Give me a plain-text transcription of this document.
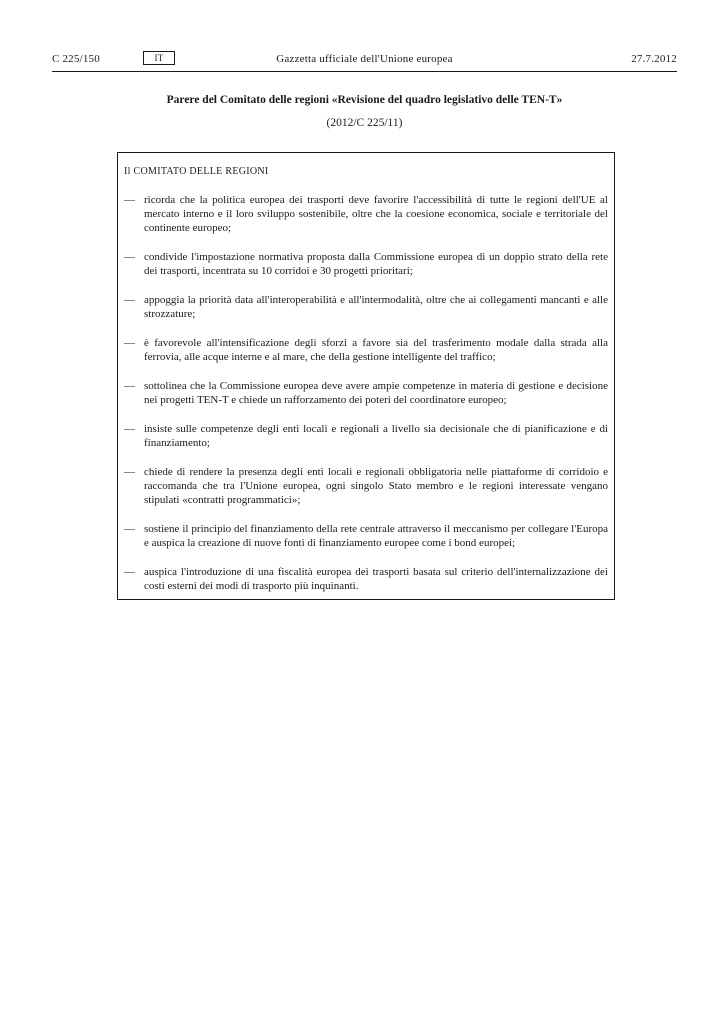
C 225/150	IT	Gazzetta ufficiale dell'Unione europea	27.7.2012
Parere del Comitato delle regioni «Revisione del quadro legislativo delle TEN-T»
(2012/C 225/11)
Il COMITATO DELLE REGIONI
— ricorda che la politica europea dei trasporti deve favorire l'accessibilità di tutte le regioni dell'UE al mercato interno e il loro sviluppo sostenibile, oltre che la coesione economica, sociale e territoriale del continente europeo;
— condivide l'impostazione normativa proposta dalla Commissione europea di un doppio strato della rete dei trasporti, incentrata su 10 corridoi e 30 progetti prioritari;
— appoggia la priorità data all'interoperabilità e all'intermodalità, oltre che ai collegamenti mancanti e alle strozzature;
— è favorevole all'intensificazione degli sforzi a favore sia del trasferimento modale dalla strada alla ferrovia, alle acque interne e al mare, che della gestione intelligente del traffico;
— sottolinea che la Commissione europea deve avere ampie competenze in materia di gestione e decisione nei progetti TEN-T e chiede un rafforzamento dei poteri del coordinatore europeo;
— insiste sulle competenze degli enti locali e regionali a livello sia decisionale che di pianificazione e di finanziamento;
— chiede di rendere la presenza degli enti locali e regionali obbligatoria nelle piattaforme di corridoio e raccomanda che tra l'Unione europea, ogni singolo Stato membro e le regioni interessate vengano stipulati «contratti programmatici»;
— sostiene il principio del finanziamento della rete centrale attraverso il meccanismo per collegare l'Europa e auspica la creazione di nuove fonti di finanziamento europee come i bond europei;
— auspica l'introduzione di una fiscalità europea dei trasporti basata sul criterio dell'internalizzazione dei costi esterni dei modi di trasporto più inquinanti.
